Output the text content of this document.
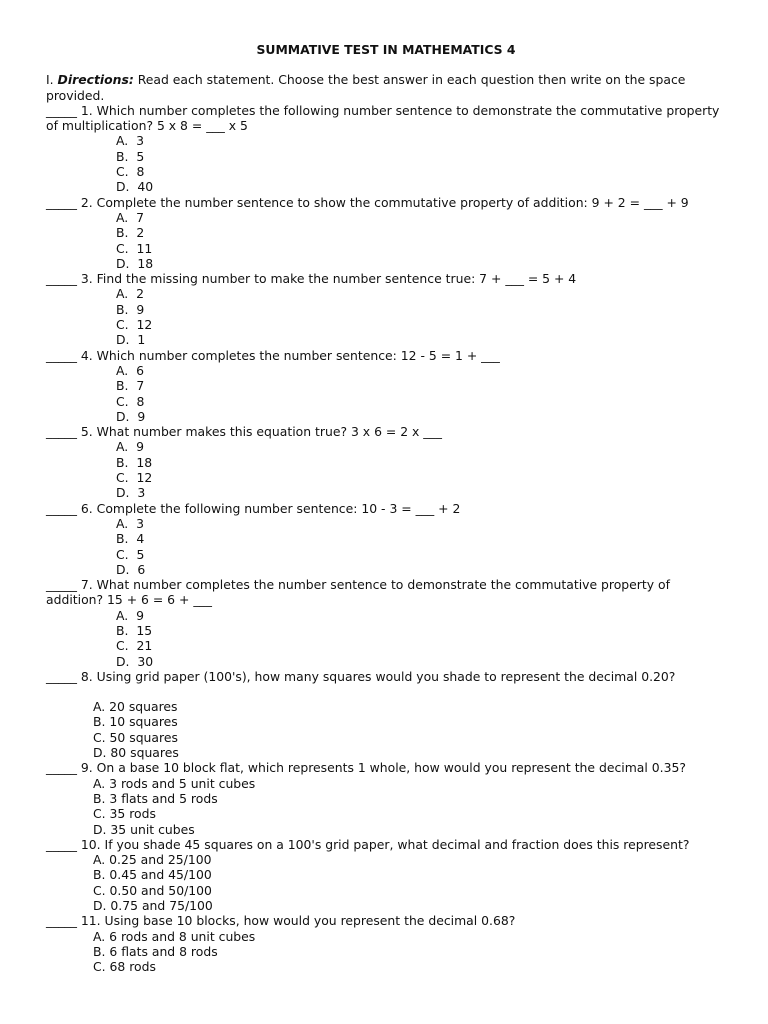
SUMMATIVE TEST IN MATHEMATICS 4
I. Directions: Read each statement. Choose the best answer in each question then write on the space provided.
_____ 1. Which number completes the following number sentence to demonstrate the commutative property of multiplication? 5 x 8 = ___ x 5
A.  3
B.  5
C.  8
D.  40
_____ 2. Complete the number sentence to show the commutative property of addition: 9 + 2 = ___ + 9
A.  7
B.  2
C.  11
D.  18
_____ 3. Find the missing number to make the number sentence true: 7 + ___ = 5 + 4
A.  2
B.  9
C.  12
D.  1
_____ 4. Which number completes the number sentence: 12 - 5 = 1 + ___
A.  6
B.  7
C.  8
D.  9
_____ 5. What number makes this equation true? 3 x 6 = 2 x ___
A.  9
B.  18
C.  12
D.  3
_____ 6. Complete the following number sentence: 10 - 3 = ___ + 2
A.  3
B.  4
C.  5
D.  6
_____ 7. What number completes the number sentence to demonstrate the commutative property of addition? 15 + 6 = 6 + ___
A.  9
B.  15
C.  21
D.  30
_____ 8. Using grid paper (100's), how many squares would you shade to represent the decimal 0.20?
A. 20 squares
B. 10 squares
C. 50 squares
D. 80 squares
_____ 9. On a base 10 block flat, which represents 1 whole, how would you represent the decimal 0.35?
A. 3 rods and 5 unit cubes
B. 3 flats and 5 rods
C. 35 rods
D. 35 unit cubes
_____ 10. If you shade 45 squares on a 100's grid paper, what decimal and fraction does this represent?
A. 0.25 and 25/100
B. 0.45 and 45/100
C. 0.50 and 50/100
D. 0.75 and 75/100
_____ 11. Using base 10 blocks, how would you represent the decimal 0.68?
A. 6 rods and 8 unit cubes
B. 6 flats and 8 rods
C. 68 rods
